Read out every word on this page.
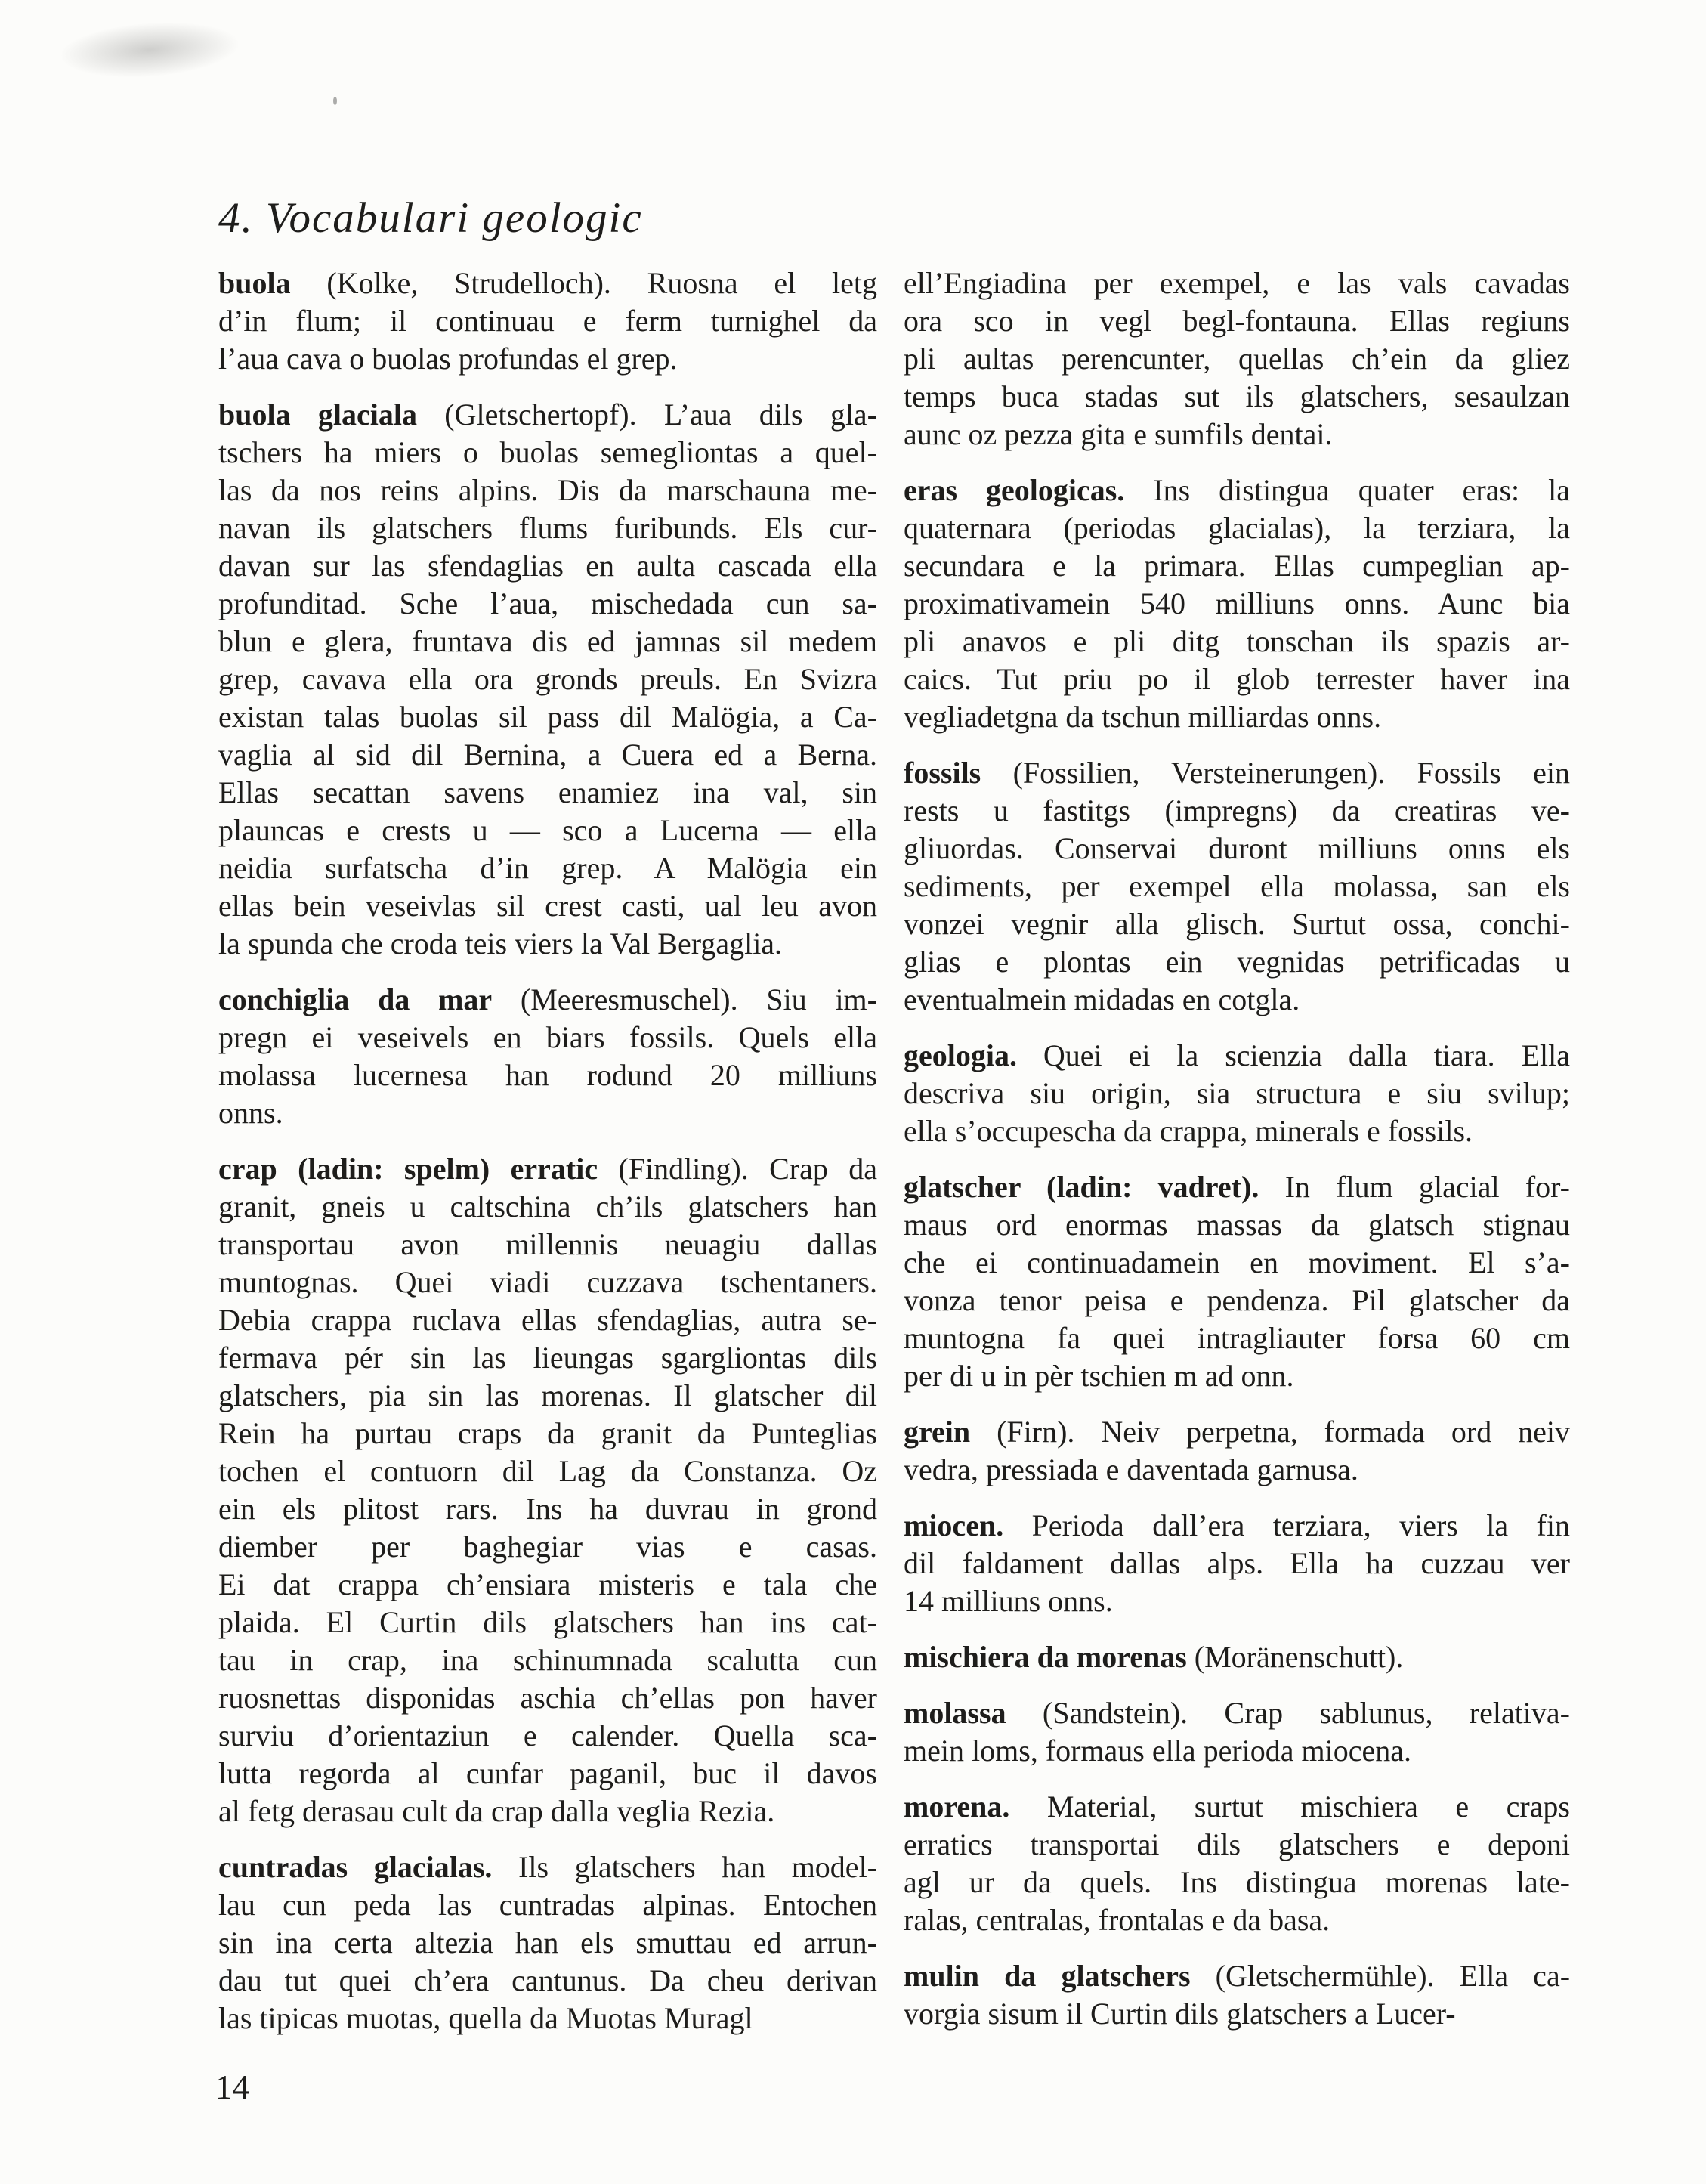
4. Vocabulari geologic
buola (Kolke, Strudelloch). Ruosna el letg
d’in flum; il continuau e ferm turnighel da
l’aua cava o buolas profundas el grep.
buola glaciala (Gletschertopf). L’aua dils gla-
tschers ha miers o buolas semegliontas a quel-
las da nos reins alpins. Dis da marschauna me-
navan ils glatschers flums furibunds. Els cur-
davan sur las sfendaglias en aulta cascada ella
profunditad. Sche l’aua, mischedada cun sa-
blun e glera, fruntava dis ed jamnas sil medem
grep, cavava ella ora gronds preuls. En Svizra
existan talas buolas sil pass dil Malögia, a Ca-
vaglia al sid dil Bernina, a Cuera ed a Berna.
Ellas secattan savens enamiez ina val, sin
plauncas e crests u — sco a Lucerna — ella
neidia surfatscha d’in grep. A Malögia ein
ellas bein veseivlas sil crest casti, ual leu avon
la spunda che croda teis viers la Val Bergaglia.
conchiglia da mar (Meeresmuschel). Siu im-
pregn ei veseivels en biars fossils. Quels ella
molassa lucernesa han rodund 20 milliuns
onns.
crap (ladin: spelm) erratic (Findling). Crap da
granit, gneis u caltschina ch’ils glatschers han
transportau avon millennis neuagiu dallas
muntognas. Quei viadi cuzzava tschentaners.
Debia crappa ruclava ellas sfendaglias, autra se-
fermava pér sin las lieungas sgargliontas dils
glatschers, pia sin las morenas. Il glatscher dil
Rein ha purtau craps da granit da Punteglias
tochen el contuorn dil Lag da Constanza. Oz
ein els plitost rars. Ins ha duvrau in grond
diember per baghegiar vias e casas.
Ei dat crappa ch’ensiara misteris e tala che
plaida. El Curtin dils glatschers han ins cat-
tau in crap, ina schinumnada scalutta cun
ruosnettas disponidas aschia ch’ellas pon haver
surviu d’orientaziun e calender. Quella sca-
lutta regorda al cunfar paganil, buc il davos
al fetg derasau cult da crap dalla veglia Rezia.
cuntradas glacialas. Ils glatschers han model-
lau cun peda las cuntradas alpinas. Entochen
sin ina certa altezia han els smuttau ed arrun-
dau tut quei ch’era cantunus. Da cheu derivan
las tipicas muotas, quella da Muotas Muragl
ell’Engiadina per exempel, e las vals cavadas
ora sco in vegl begl-fontauna. Ellas regiuns
pli aultas perencunter, quellas ch’ein da gliez
temps buca stadas sut ils glatschers, sesaulzan
aunc oz pezza gita e sumfils dentai.
eras geologicas. Ins distingua quater eras: la
quaternara (periodas glacialas), la terziara, la
secundara e la primara. Ellas cumpeglian ap-
proximativamein 540 milliuns onns. Aunc bia
pli anavos e pli ditg tonschan ils spazis ar-
caics. Tut priu po il glob terrester haver ina
vegliadetgna da tschun milliardas onns.
fossils (Fossilien, Versteinerungen). Fossils ein
rests u fastitgs (impregns) da creatiras ve-
gliuordas. Conservai duront milliuns onns els
sediments, per exempel ella molassa, san els
vonzei vegnir alla glisch. Surtut ossa, conchi-
glias e plontas ein vegnidas petrificadas u
eventualmein midadas en cotgla.
geologia. Quei ei la scienzia dalla tiara. Ella
descriva siu origin, sia structura e siu svilup;
ella s’occupescha da crappa, minerals e fossils.
glatscher (ladin: vadret). In flum glacial for-
maus ord enormas massas da glatsch stignau
che ei continuadamein en moviment. El s’a-
vonza tenor peisa e pendenza. Pil glatscher da
muntogna fa quei intragliauter forsa 60 cm
per di u in pèr tschien m ad onn.
grein (Firn). Neiv perpetna, formada ord neiv
vedra, pressiada e daventada garnusa.
miocen. Perioda dall’era terziara, viers la fin
dil faldament dallas alps. Ella ha cuzzau ver
14 milliuns onns.
mischiera da morenas (Moränenschutt).
molassa (Sandstein). Crap sablunus, relativa-
mein loms, formaus ella perioda miocena.
morena. Material, surtut mischiera e craps
erratics transportai dils glatschers e deponi
agl ur da quels. Ins distingua morenas late-
ralas, centralas, frontalas e da basa.
mulin da glatschers (Gletschermühle). Ella ca-
vorgia sisum il Curtin dils glatschers a Lucer-
14
